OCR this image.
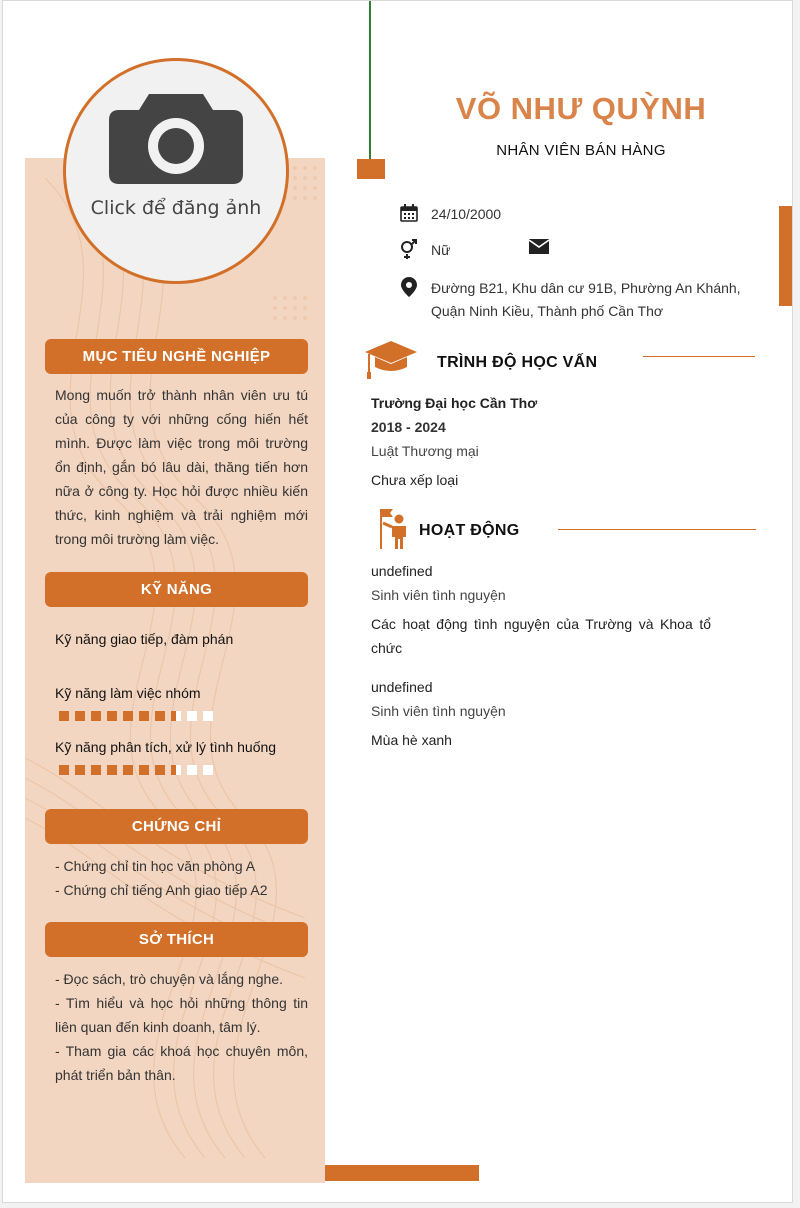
Click để đăng ảnh
VÕ NHƯ QUỲNH
NHÂN VIÊN BÁN HÀNG
24/10/2000
Nữ
Đường B21, Khu dân cư 91B, Phường An Khánh,
Quận Ninh Kiều, Thành phố Cần Thơ
MỤC TIÊU NGHỀ NGHIỆP
Mong muốn trở thành nhân viên ưu tú của công ty với những cống hiến hết mình. Được làm việc trong môi trường ổn định, gắn bó lâu dài, thăng tiến hơn nữa ở công ty. Học hỏi được nhiều kiến thức, kinh nghiệm và trải nghiệm mới trong môi trường làm việc.
KỸ NĂNG
Kỹ năng giao tiếp, đàm phán
Kỹ năng làm việc nhóm
Kỹ năng phân tích, xử lý tình huống
CHỨNG CHỈ
- Chứng chỉ tin học văn phòng A
- Chứng chỉ tiếng Anh giao tiếp A2
SỞ THÍCH
- Đọc sách, trò chuyện và lắng nghe.
- Tìm hiểu và học hỏi những thông tin liên quan đến kinh doanh, tâm lý.
- Tham gia các khoá học chuyên môn, phát triển bản thân.
TRÌNH ĐỘ HỌC VẤN
Trường Đại học Cần Thơ
2018 - 2024
Luật Thương mại
Chưa xếp loại
HOẠT ĐỘNG
undefined
Sinh viên tình nguyện
Các hoạt động tình nguyện của Trường và Khoa tổ chức
undefined
Sinh viên tình nguyện
Mùa hè xanh
